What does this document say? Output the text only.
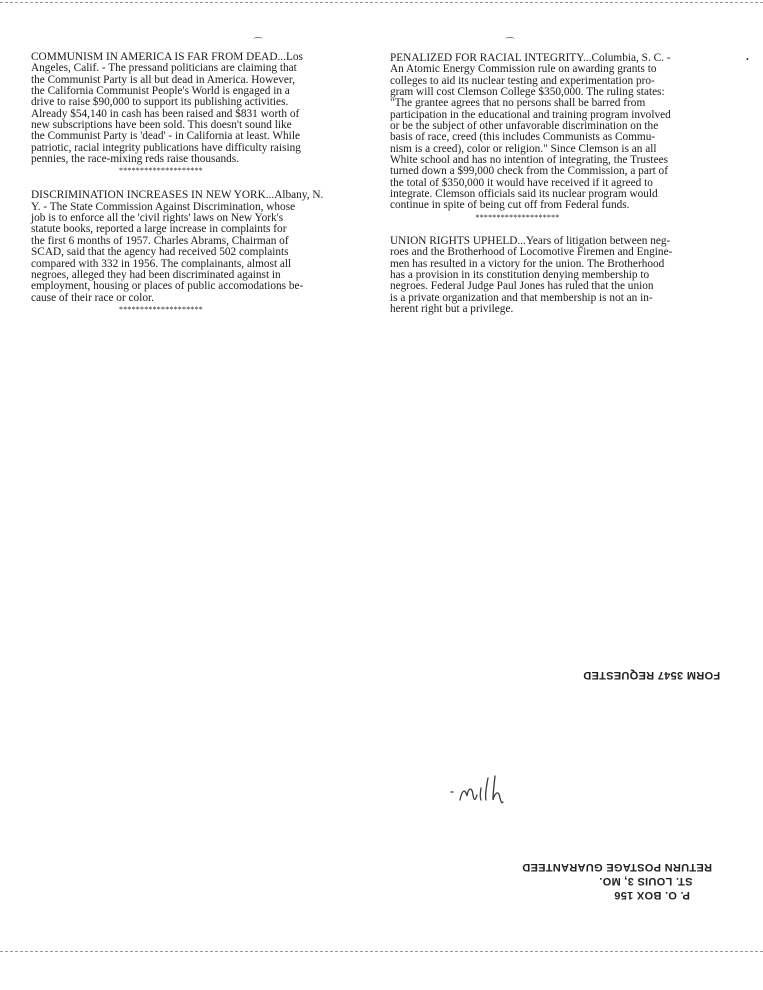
COMMUNISM IN AMERICA IS FAR FROM DEAD...Los

Angeles, Calif. - The pressand politicians are claiming that

the Communist Party is all but dead in America. However,

the California Communist People's World is engaged in a

drive to raise $90,000 to support its publishing activities.

Already $54,140 in cash has been raised and $831 worth of

new subscriptions have been sold. This doesn't sound like

the Communist Party is 'dead' - in California at least. While

patriotic, racial integrity publications have difficulty raising

pennies, the race-mixing reds raise thousands.

********************

DISCRIMINATION INCREASES IN NEW YORK...Albany, N.

Y. - The State Commission Against Discrimination, whose

job is to enforce all the 'civil rights' laws on New York's

statute books, reported a large increase in complaints for

the first 6 months of 1957. Charles Abrams, Chairman of

SCAD, said that the agency had received 502 complaints

compared with 332 in 1956. The complainants, almost all

negroes, alleged they had been discriminated against in

employment, housing or places of public accomodations be-

cause of their race or color.

********************

PENALIZED FOR RACIAL INTEGRITY...Columbia, S. C. -

An Atomic Energy Commission rule on awarding grants to

colleges to aid its nuclear testing and experimentation pro-

gram will cost Clemson College $350,000. The ruling states:

"The grantee agrees that no persons shall be barred from

participation in the educational and training program involved

or be the subject of other unfavorable discrimination on the

basis of race, creed (this includes Communists as Commu-

nism is a creed), color or religion." Since Clemson is an all

White school and has no intention of integrating, the Trustees

turned down a $99,000 check from the Commission, a part of

the total of $350,000 it would have received if it agreed to

integrate. Clemson officials said its nuclear program would

continue in spite of being cut off from Federal funds.

********************

UNION RIGHTS UPHELD...Years of litigation between neg-

roes and the Brotherhood of Locomotive Firemen and Engine-

men has resulted in a victory for the union. The Brotherhood

has a provision in its constitution denying membership to

negroes. Federal Judge Paul Jones has ruled that the union

is a private organization and that membership is not an in-

herent right but a privilege.

FORM 3547 REQUESTED
RETURN POSTAGE GUARANTEED
ST. LOUIS 3, MO.
P. O. BOX 156
⌒	⌒
•
